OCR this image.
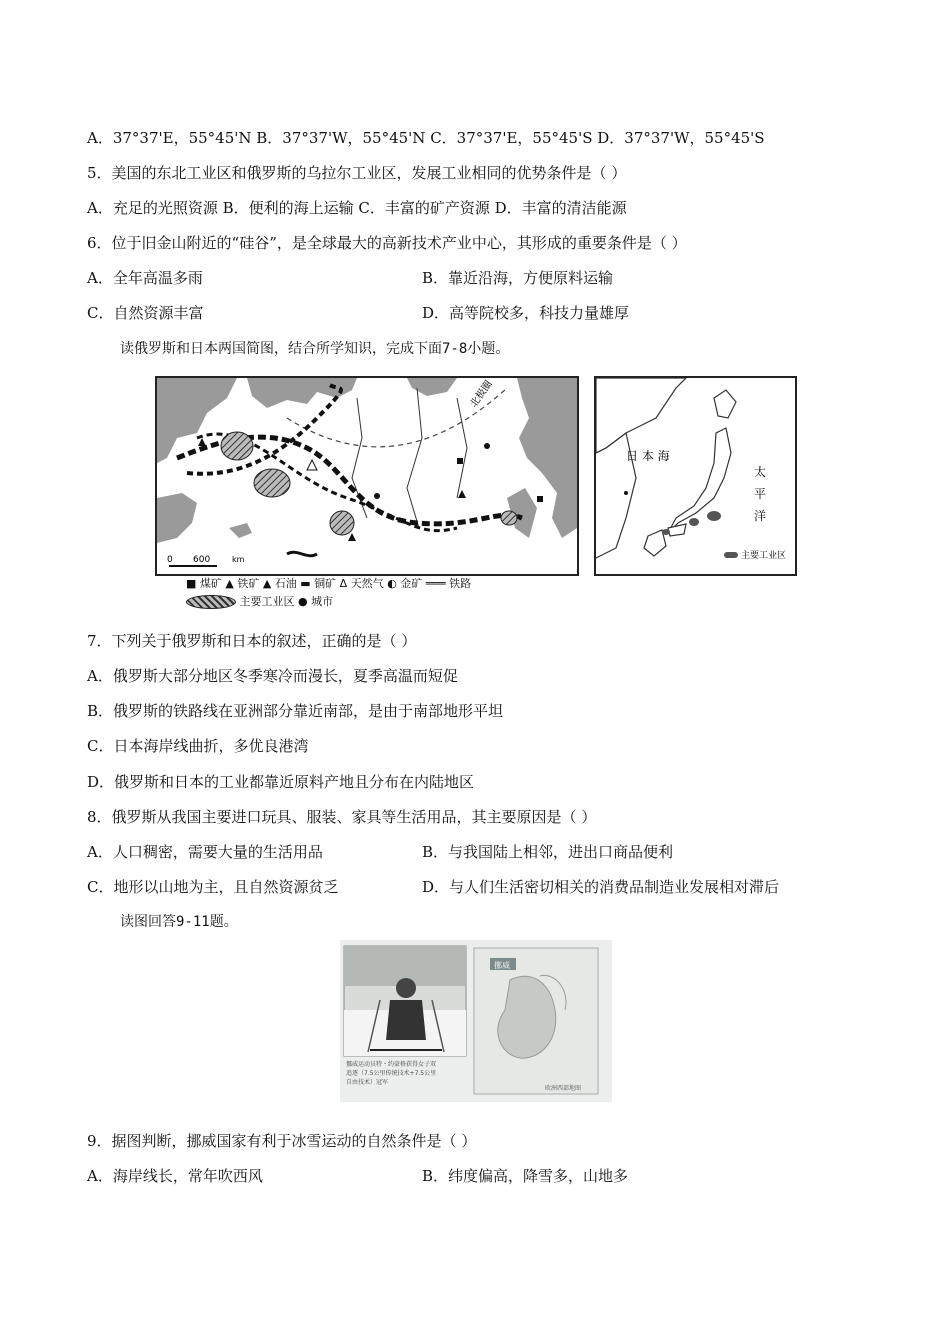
A．37°37'E，55°45'N B．37°37'W，55°45'N C．37°37'E，55°45'S D．37°37'W，55°45'S
5．美国的东北工业区和俄罗斯的乌拉尔工业区，发展工业相同的优势条件是（ ）
A．充足的光照资源 B．便利的海上运输 C．丰富的矿产资源 D．丰富的清洁能源
6．位于旧金山附近的“硅谷”，是全球最大的高新技术产业中心，其形成的重要条件是（ ）
A．全年高温多雨	B．靠近沿海，方便原料运输
C．自然资源丰富	D．高等院校多，科技力量雄厚
读俄罗斯和日本两国简图，结合所学知识，完成下面7-8小题。
0 600	km
北极圈
■ 煤矿 ▲ 铁矿 ▲ 石油 ▬ 铜矿 Δ 天然气 ◐ 金矿 ═══ 铁路
主要工业区 ● 城市
日 本 海
太
平
洋
主要工业区
7．下列关于俄罗斯和日本的叙述，正确的是（ ）
A．俄罗斯大部分地区冬季寒冷而漫长，夏季高温而短促
B．俄罗斯的铁路线在亚洲部分靠近南部，是由于南部地形平坦
C．日本海岸线曲折，多优良港湾
D．俄罗斯和日本的工业都靠近原料产地且分布在内陆地区
8．俄罗斯从我国主要进口玩具、服装、家具等生活用品，其主要原因是（ ）
A．人口稠密，需要大量的生活用品	B．与我国陆上相邻，进出口商品便利
C．地形以山地为主，且自然资源贫乏	D．与人们生活密切相关的消费品制造业发展相对滞后
读图回答9-11题。
挪威运动员特・约豪格获得女子双
追逐（7.5公里传统技术+7.5公里
自由技术）冠军
挪威
欧洲西部地图
9．据图判断，挪威国家有利于冰雪运动的自然条件是（ ）
A．海岸线长，常年吹西风	B．纬度偏高，降雪多，山地多
